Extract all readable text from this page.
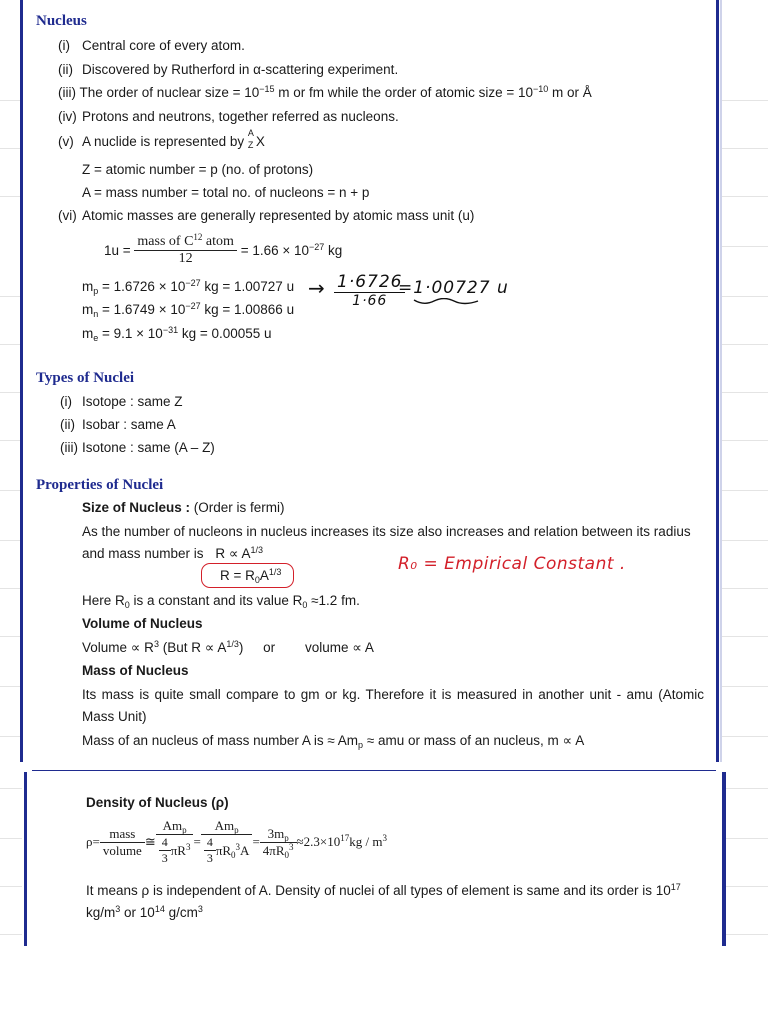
Nucleus
(i) Central core of every atom.
(ii) Discovered by Rutherford in α-scattering experiment.
(iii) The order of nuclear size = $10^{-15}$ m or fm while the order of atomic size = $10^{-10}$ m or Å
(iv) Protons and neutrons, together referred as nucleons.
(v) A nuclide is represented by
A
Z X
Z = atomic number = p (no. of protons)
A = mass number = total no. of nucleons = n + p
(vi) Atomic masses are generally represented by atomic mass unit (u)
$1u = \frac{mass of C^{12} atom}{12} = 1.66 \times 10^{-27}$ kg
$m_p = 1.6726 \times 10^{-27}$ kg = 1.00727 u
$m_n = 1.6749 \times 10^{-27}$ kg = 1.00866 u
$m_e = 9.1 \times 10^{-31}$ kg = 0.00055 u
→ 1·6726
1·66
=1·00727 u
Types of Nuclei
(i) Isotope : same Z
(ii) Isobar : same A
(iii) Isotone : same (A – Z)
Properties of Nuclei
Size of Nucleus : (Order is fermi)
As the number of nucleons in nucleus increases its size also increases and relation between its radius
and mass number is $R \propto A^{1/3}$
$R = R_0A^{1/3}$	R₀ = Empirical Constant .
Here $R_0$ is a constant and its value $R_0 \approx 1.2$ fm.
Volume of Nucleus
Volume ∝ $R^3$ (But $R \propto A^{1/3}$) or volume ∝ A
Mass of Nucleus
Its mass is quite small compare to gm or kg. Therefore it is measured in another unit - amu (Atomic Mass Unit)
Mass of an nucleus of mass number A is ≈ $Am_p$ ≈ amu or mass of an nucleus, m ∝ A
Density of Nucleus (ρ)
$\rho= \frac{\text{mass}}{\text{volume}}$ ≅ $\frac{Am_p}{\frac{4}{3} \pi R^3} = \frac{Am_p}{\frac{4}{3} \pi R_0^3A} = \frac{3m_p}{4\pi R_0^3} \approx 2.3\times 10^{17}kg / m^3$
It means ρ is independent of A. Density of nuclei of all types of element is same and its order is $10^{17}$ $kg/m^3$ or $10^{14}$ $g/cm^3$
